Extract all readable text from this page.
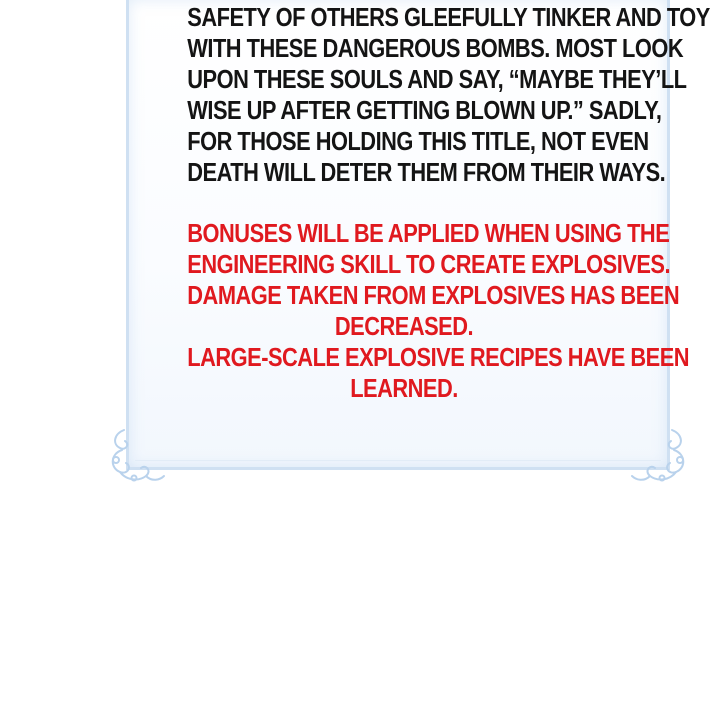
SAFETY OF OTHERS GLEEFULLY TINKER AND TOY
WITH THESE DANGEROUS BOMBS. MOST LOOK
UPON THESE SOULS AND SAY, “MAYBE THEY’LL
WISE UP AFTER GETTING BLOWN UP.” SADLY,
FOR THOSE HOLDING THIS TITLE, NOT EVEN
DEATH WILL DETER THEM FROM THEIR WAYS.
BONUSES WILL BE APPLIED WHEN USING THE
ENGINEERING SKILL TO CREATE EXPLOSIVES.
DAMAGE TAKEN FROM EXPLOSIVES HAS BEEN
DECREASED.
LARGE-SCALE EXPLOSIVE RECIPES HAVE BEEN
LEARNED.
